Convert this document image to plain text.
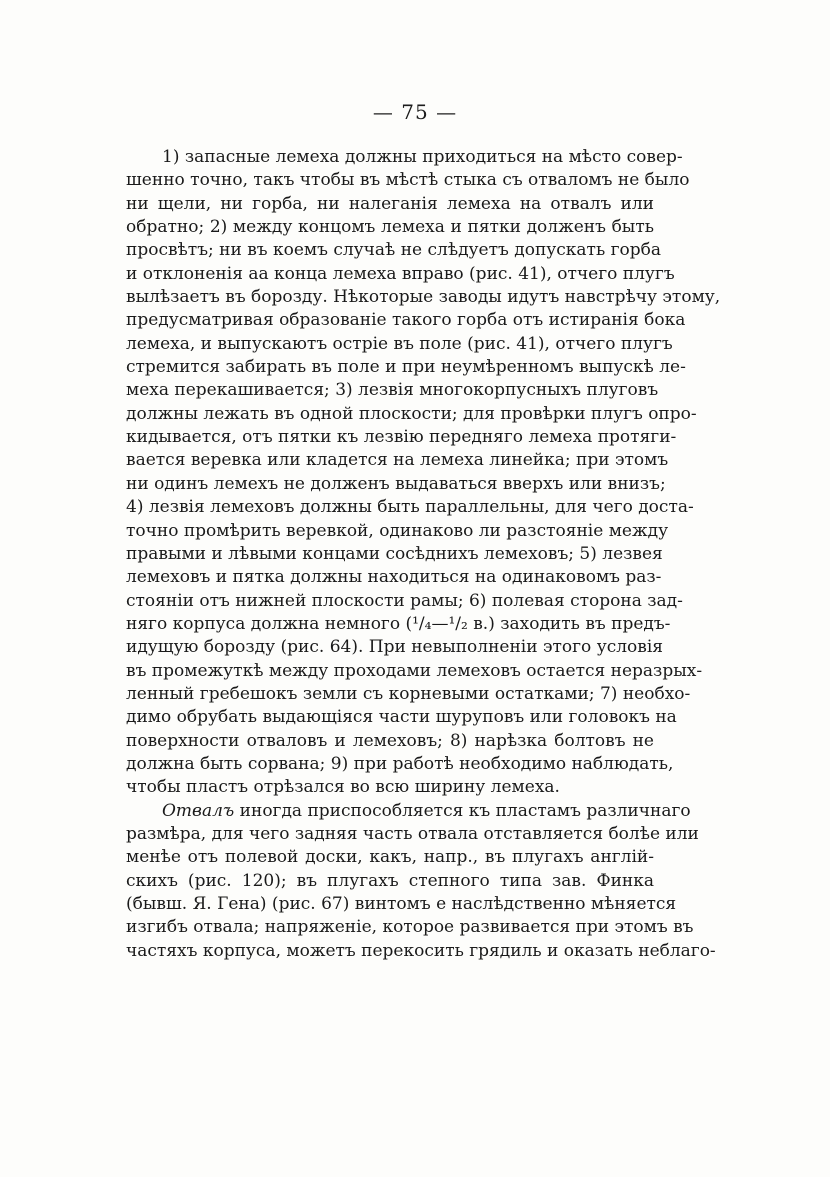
— 75 —
1) запасные лемеха должны приходиться на мѣсто совер-
шенно точно, такъ чтобы въ мѣстѣ стыка съ отваломъ не было
ни щели, ни горба, ни налеганія лемеха на отвалъ или
обратно; 2) между концомъ лемеха и пятки долженъ быть
просвѣтъ; ни въ коемъ случаѣ не слѣдуетъ допускать горба
и отклоненія аа конца лемеха вправо (рис. 41), отчего плугъ
вылѣзаетъ въ борозду. Нѣкоторые заводы идутъ навстрѣчу этому,
предусматривая образованіе такого горба отъ истиранія бока
лемеха, и выпускаютъ остріе въ поле (рис. 41), отчего плугъ
стремится забирать въ поле и при неумѣренномъ выпускѣ ле-
меха перекашивается; 3) лезвія многокорпусныхъ плуговъ
должны лежать въ одной плоскости; для провѣрки плугъ опро-
кидывается, отъ пятки къ лезвію передняго лемеха протяги-
вается веревка или кладется на лемеха линейка; при этомъ
ни одинъ лемехъ не долженъ выдаваться вверхъ или внизъ;
4) лезвія лемеховъ должны быть параллельны, для чего доста-
точно промѣрить веревкой, одинаково ли разстояніе между
правыми и лѣвыми концами сосѣднихъ лемеховъ; 5) лезвея
лемеховъ и пятка должны находиться на одинаковомъ раз-
стояніи отъ нижней плоскости рамы; 6) полевая сторона зад-
няго корпуса должна немного (¹/₄—¹/₂ в.) заходить въ предъ-
идущую борозду (рис. 64). При невыполненіи этого условія
въ промежуткѣ между проходами лемеховъ остается неразрых-
ленный гребешокъ земли съ корневыми остатками; 7) необхо-
димо обрубать выдающіяся части шуруповъ или головокъ на
поверхности отваловъ и лемеховъ; 8) нарѣзка болтовъ не
должна быть сорвана; 9) при работѣ необходимо наблюдать,
чтобы пластъ отрѣзался во всю ширину лемеха.
Отвалъ иногда приспособляется къ пластамъ различнаго
размѣра, для чего задняя часть отвала отставляется болѣе или
менѣе отъ полевой доски, какъ, напр., въ плугахъ англій-
скихъ (рис. 120); въ плугахъ степного типа зав. Финка
(бывш. Я. Гена) (рис. 67) винтомъ е наслѣдственно мѣняется
изгибъ отвала; напряженіе, которое развивается при этомъ въ
частяхъ корпуса, можетъ перекосить грядиль и оказать неблаго-
